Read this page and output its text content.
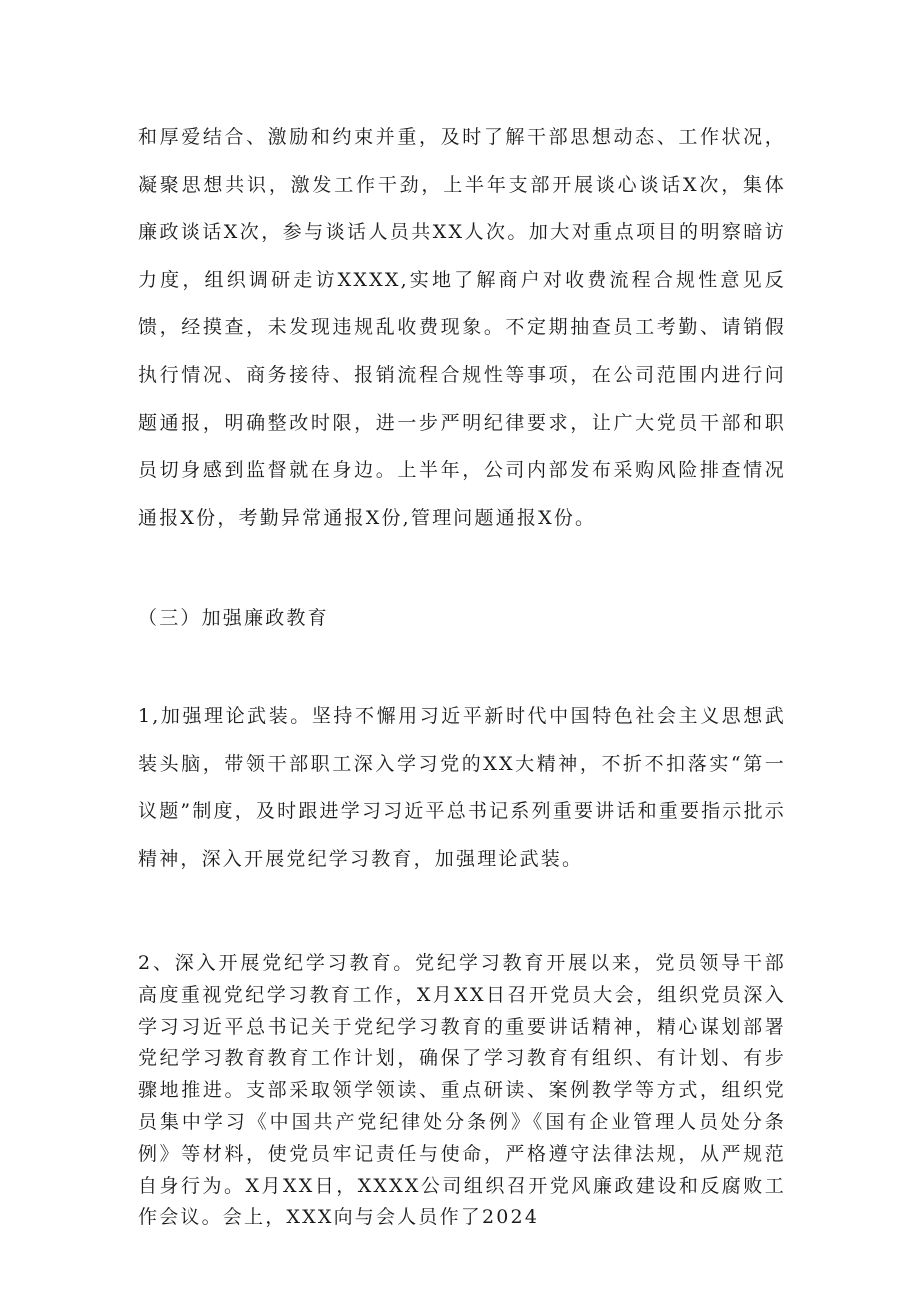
和厚爱结合、激励和约束并重，及时了解干部思想动态、工作状况，凝聚思想共识，激发工作干劲，上半年支部开展谈心谈话X次，集体廉政谈话X次，参与谈话人员共XX人次。加大对重点项目的明察暗访力度，组织调研走访XXXX,实地了解商户对收费流程合规性意见反馈，经摸查，未发现违规乱收费现象。不定期抽查员工考勤、请销假执行情况、商务接待、报销流程合规性等事项，在公司范围内进行问题通报，明确整改时限，进一步严明纪律要求，让广大党员干部和职员切身感到监督就在身边。上半年，公司内部发布采购风险排查情况通报X份，考勤异常通报X份,管理问题通报X份。

（三）加强廉政教育

1,加强理论武装。坚持不懈用习近平新时代中国特色社会主义思想武装头脑，带领干部职工深入学习党的XX大精神，不折不扣落实“第一议题”制度，及时跟进学习习近平总书记系列重要讲话和重要指示批示精神，深入开展党纪学习教育，加强理论武装。

2、深入开展党纪学习教育。党纪学习教育开展以来，党员领导干部高度重视党纪学习教育工作，X月XX日召开党员大会，组织党员深入学习习近平总书记关于党纪学习教育的重要讲话精神，精心谋划部署党纪学习教育教育工作计划，确保了学习教育有组织、有计划、有步骤地推进。支部采取领学领读、重点研读、案例教学等方式，组织党员集中学习《中国共产党纪律处分条例》《国有企业管理人员处分条例》等材料，使党员牢记责任与使命，严格遵守法律法规，从严规范自身行为。X月XX日，XXXX公司组织召开党风廉政建设和反腐败工作会议。会上，XXX向与会人员作了2024
